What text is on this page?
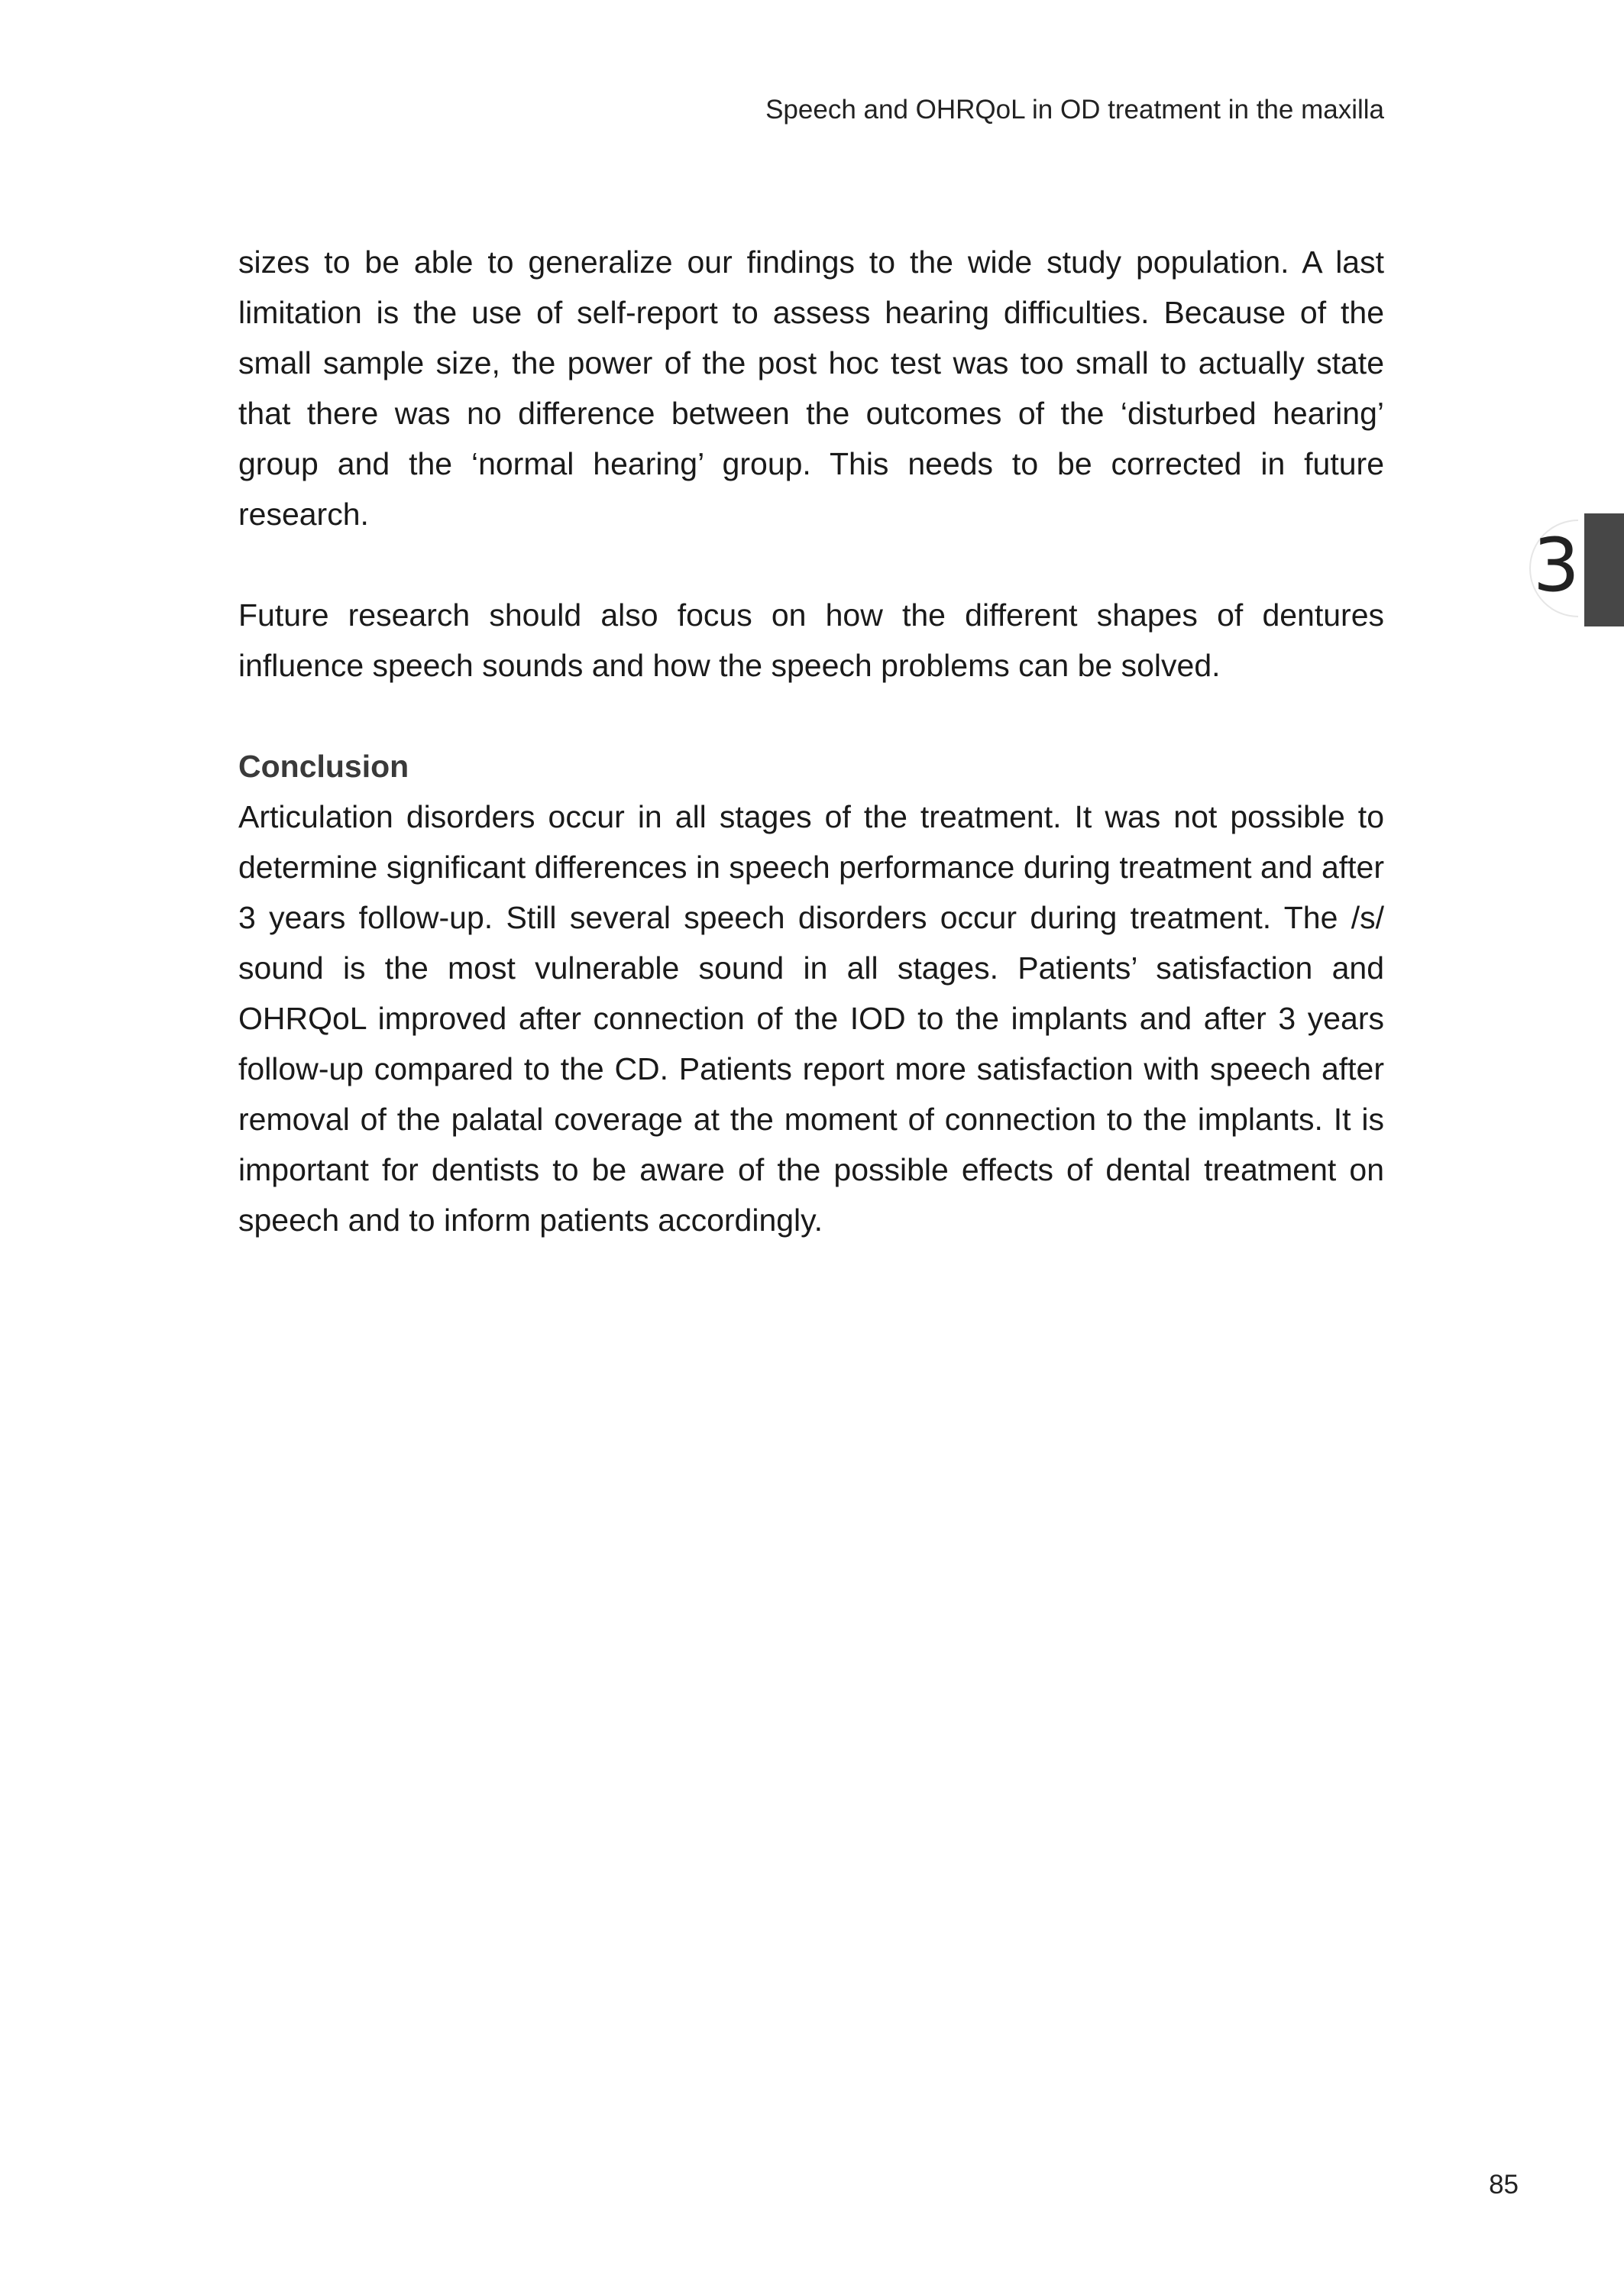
Speech and OHRQoL in OD treatment in the maxilla
3

sizes to be able to generalize our findings to the wide study population. A last limitation is the use of self-report to assess hearing difficulties. Because of the small sample size, the power of the post hoc test was too small to actually state that there was no difference between the outcomes of the ‘disturbed hearing’ group and the ‘normal hearing’ group. This needs to be corrected in future research.

Future research should also focus on how the different shapes of dentures influence speech sounds and how the speech problems can be solved.

Conclusion

Articulation disorders occur in all stages of the treatment. It was not possible to determine significant differences in speech performance during treatment and after 3 years follow-up. Still several speech disorders occur during treatment. The /s/ sound is the most vulnerable sound in all stages. Patients’ satisfaction and OHRQoL improved after connection of the IOD to the implants and after 3 years follow-up compared to the CD. Patients report more satisfaction with speech after removal of the palatal coverage at the moment of connection to the implants. It is important for dentists to be aware of the possible effects of dental treatment on speech and to inform patients accordingly.

85
